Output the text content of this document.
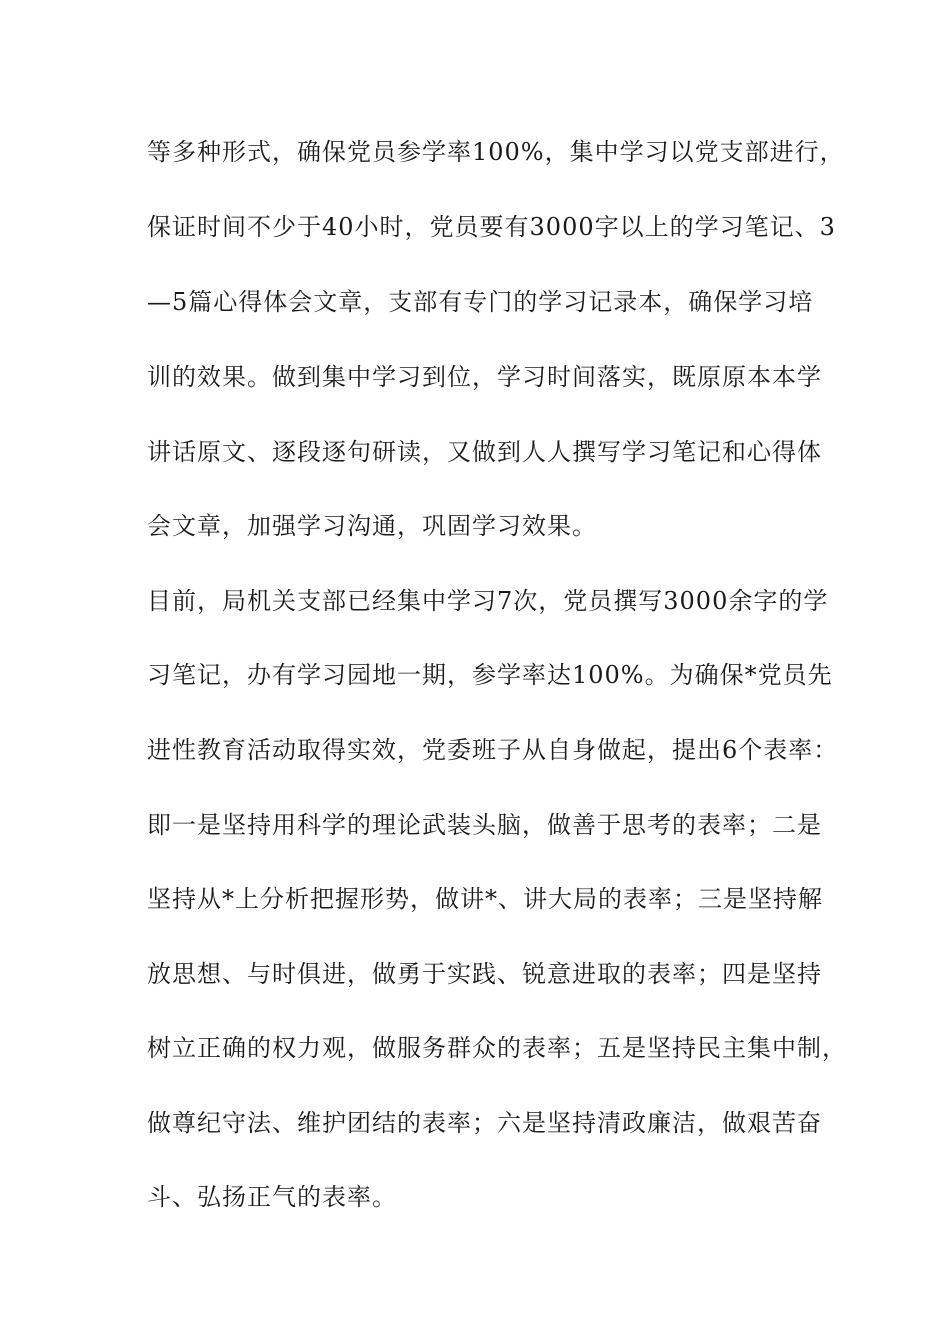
等多种形式，确保党员参学率100%，集中学习以党支部进行，
保证时间不少于40小时，党员要有3000字以上的学习笔记、3
—5篇心得体会文章，支部有专门的学习记录本，确保学习培
训的效果。做到集中学习到位，学习时间落实，既原原本本学
讲话原文、逐段逐句研读，又做到人人撰写学习笔记和心得体
会文章，加强学习沟通，巩固学习效果。
目前，局机关支部已经集中学习7次，党员撰写3000余字的学
习笔记，办有学习园地一期，参学率达100%。为确保*党员先
进性教育活动取得实效，党委班子从自身做起，提出6个表率：
即一是坚持用科学的理论武装头脑，做善于思考的表率；二是
坚持从*上分析把握形势，做讲*、讲大局的表率；三是坚持解
放思想、与时俱进，做勇于实践、锐意进取的表率；四是坚持
树立正确的权力观，做服务群众的表率；五是坚持民主集中制，
做尊纪守法、维护团结的表率；六是坚持清政廉洁，做艰苦奋
斗、弘扬正气的表率。
